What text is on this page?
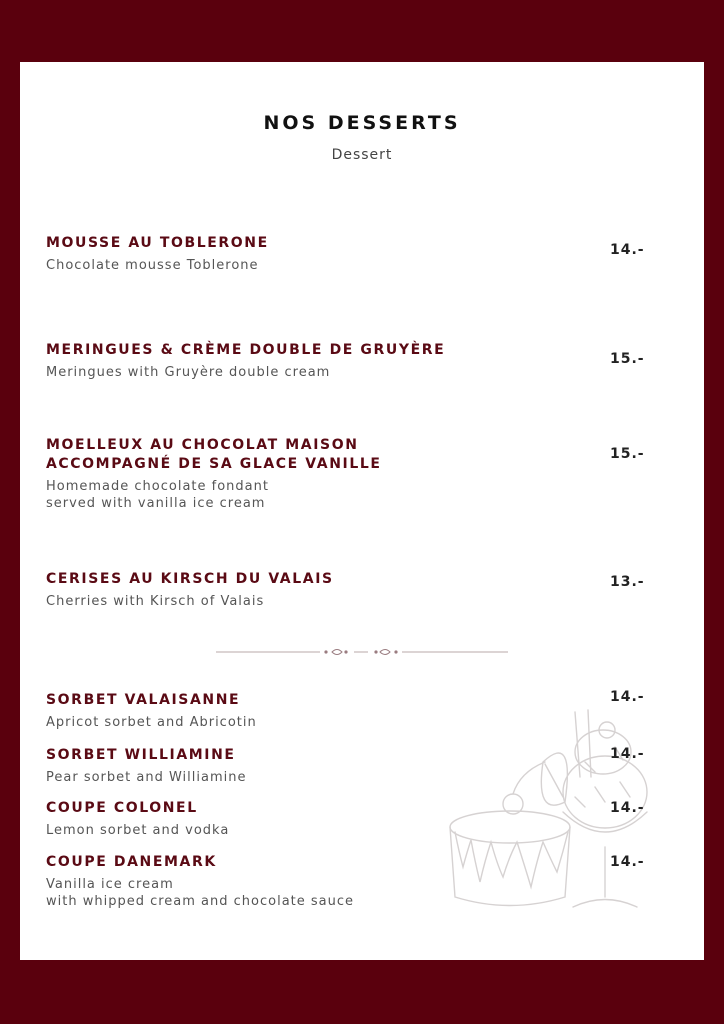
NOS DESSERTS
Dessert
MOUSSE AU TOBLERONE
Chocolate mousse Toblerone
14.-
MERINGUES & CRÈME DOUBLE DE GRUYÈRE
Meringues with Gruyère double cream
15.-
MOELLEUX AU CHOCOLAT MAISON
ACCOMPAGNÉ DE SA GLACE VANILLE
Homemade chocolate fondant
served with vanilla ice cream
15.-
CERISES AU KIRSCH DU VALAIS
Cherries with Kirsch of Valais
13.-
SORBET VALAISANNE
Apricot sorbet and Abricotin
14.-
SORBET WILLIAMINE
Pear sorbet and Williamine
14.-
COUPE COLONEL
Lemon sorbet and vodka
14.-
COUPE DANEMARK
Vanilla ice cream
with whipped cream and chocolate sauce
14.-
